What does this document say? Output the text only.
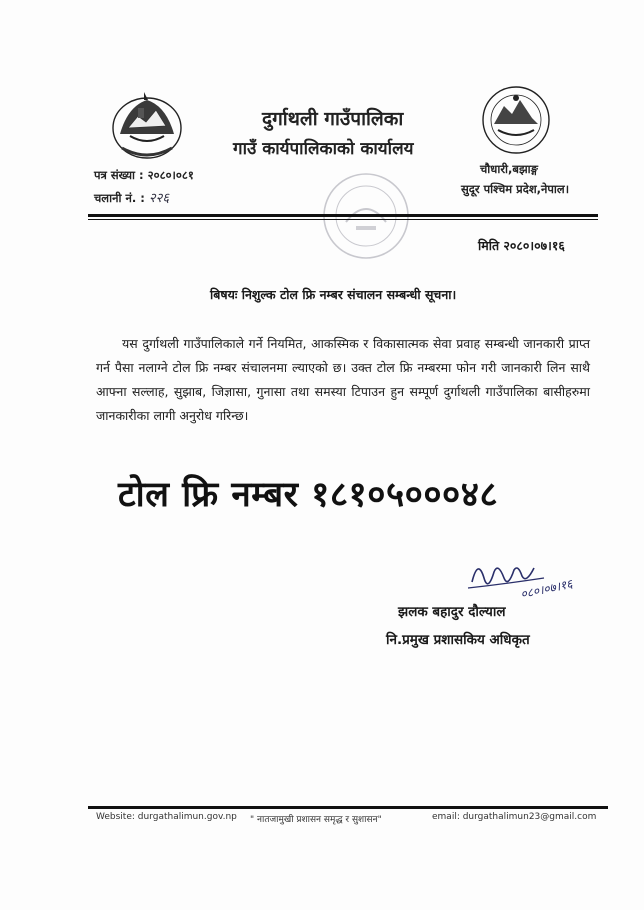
दुर्गाथली गाउँपालिका
गाउँ कार्यपालिकाको कार्यालय
पत्र संख्या : २०८०।०८१
चलानी नं. : २२६
चौधारी,बझाङ्ग
सुदूर पश्चिम प्रदेश,नेपाल।
मिति २०८०।०७।१६
बिषयः निशुल्क टोल फ्रि नम्बर संचालन सम्बन्धी सूचना।
यस दुर्गाथली गाउँपालिकाले गर्ने नियमित, आकस्मिक र विकासात्मक सेवा प्रवाह सम्बन्धी जानकारी प्राप्त गर्न पैसा नलाग्ने टोल फ्रि नम्बर संचालनमा ल्याएको छ। उक्त टोल फ्रि नम्बरमा फोन गरी जानकारी लिन साथै आफ्ना सल्लाह, सुझाब, जिज्ञासा, गुनासा तथा समस्या टिपाउन हुन सम्पूर्ण दुर्गाथली गाउँपालिका बासीहरुमा जानकारीका लागी अनुरोध गरिन्छ।
टोल फ्रि नम्बर १८१०५०००४८
०८०।०७।१६
झलक बहादुर दौल्याल
नि.प्रमुख प्रशासकिय अधिकृत
Website: durgathalimun.gov.np " नातजामुखी प्रशासन समृद्ध र सुशासन"	email: durgathalimun23@gmail.com
